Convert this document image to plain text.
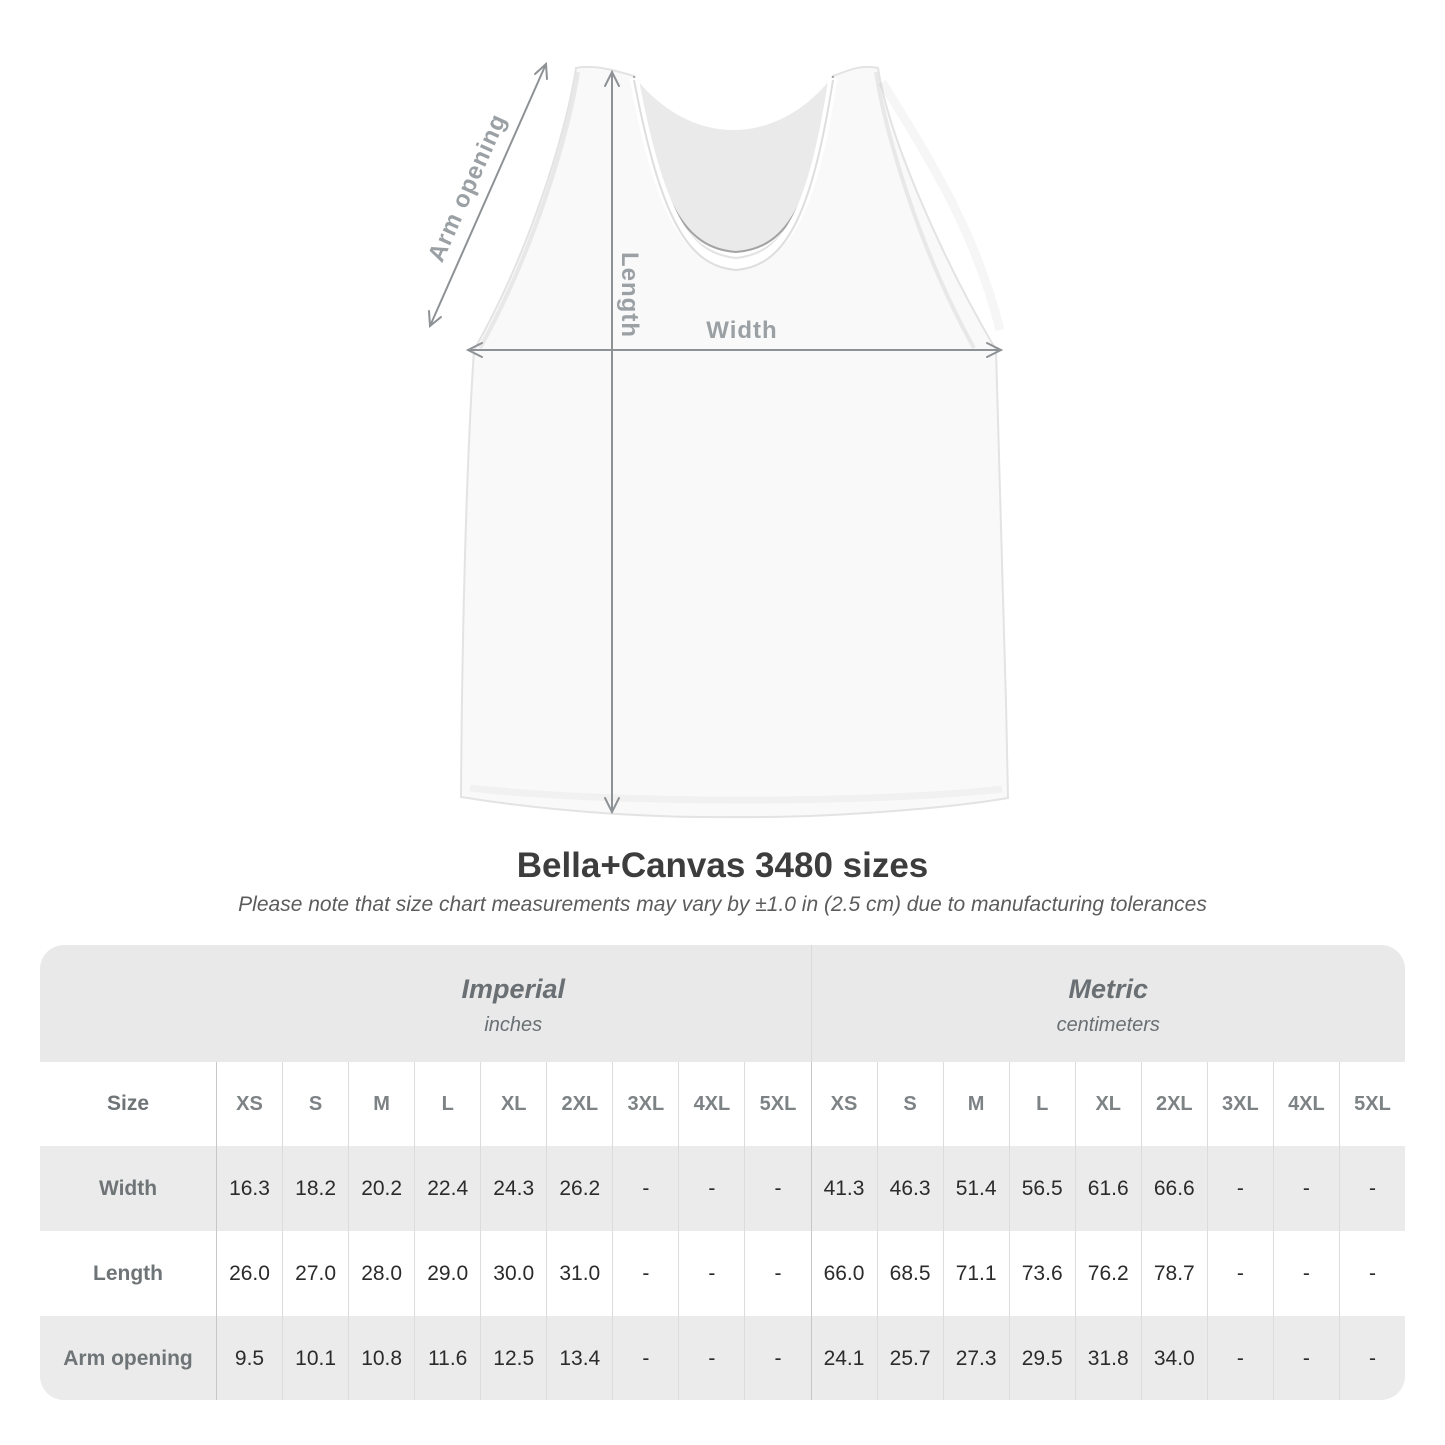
Arm opening
Length	Width
Bella+Canvas 3480 sizes
Please note that size chart measurements may vary by ±1.0 in (2.5 cm) due to manufacturing tolerances
Imperial
inches
Metric
centimeters
Size	XS	S	M	L	XL	2XL	3XL	4XL	5XL	XS	S	M	L	XL	2XL	3XL	4XL	5XL
Width	16.3	18.2	20.2	22.4	24.3	26.2	-	-	-	41.3	46.3	51.4	56.5	61.6	66.6	-	-	-
Length	26.0	27.0	28.0	29.0	30.0	31.0	-	-	-	66.0	68.5	71.1	73.6	76.2	78.7	-	-	-
Arm opening	9.5	10.1	10.8	11.6	12.5	13.4	-	-	-	24.1	25.7	27.3	29.5	31.8	34.0	-	-	-
